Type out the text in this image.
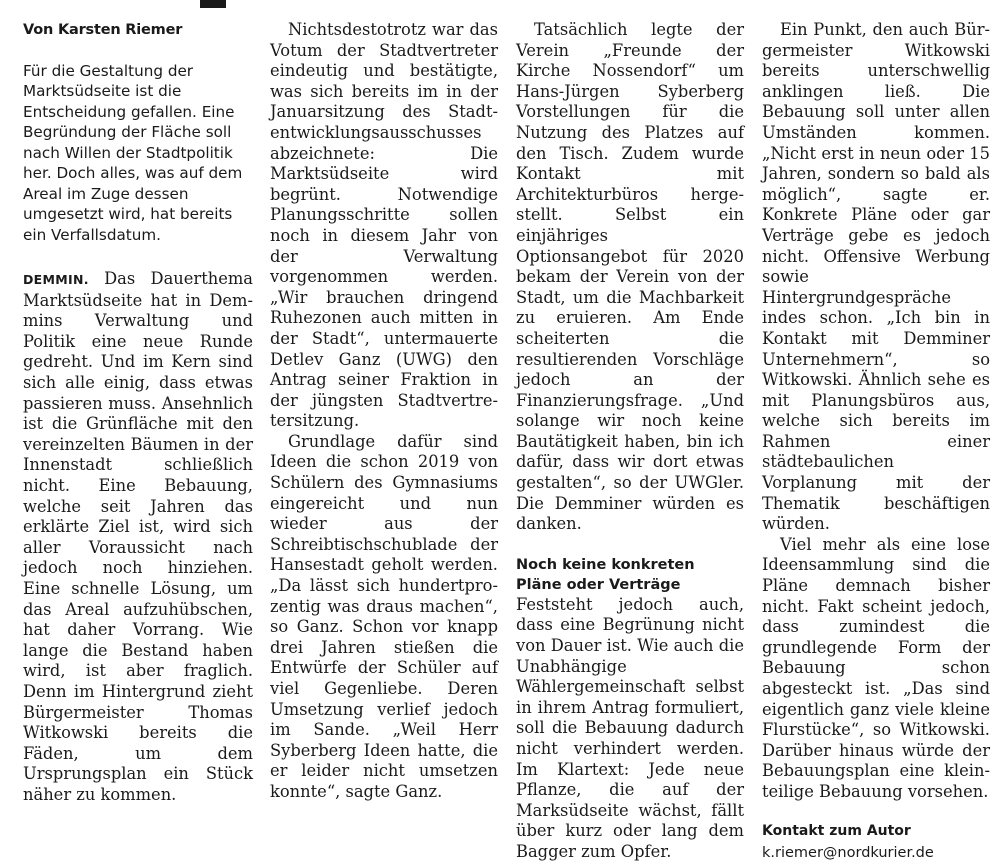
Von Karsten Riemer

Für die Gestaltung der Marktsüdseite ist die Entscheidung gefallen. Eine Begründung der Fläche soll nach Willen der Stadtpolitik her. Doch alles, was auf dem Areal im Zuge dessen umgesetzt wird, hat bereits ein Verfallsdatum.

DEMMIN. Das Dauerthema Marktsüdseite hat in Demmins Verwaltung und Politik eine neue Runde gedreht. Und im Kern sind sich alle einig, dass etwas passieren muss. Ansehnlich ist die Grünfläche mit den vereinzelten Bäumen in der Innenstadt schließlich nicht. Eine Bebauung, welche seit Jahren das erklärte Ziel ist, wird sich aller Voraussicht nach jedoch noch hinziehen. Eine schnelle Lösung, um das Areal aufzuhübschen, hat daher Vorrang. Wie lange die Bestand haben wird, ist aber fraglich. Denn im Hintergrund zieht Bürgermeister Thomas Witkowski bereits die Fäden, um dem Ursprungsplan ein Stück näher zu kommen.

Nichtsdestotrotz war das Votum der Stadtvertreter eindeutig und bestätigte, was sich bereits im in der Januarsitzung des Stadtentwicklungsausschusses abzeichnete: Die Marktsüdseite wird begrünt. Notwendige Planungsschritte sollen noch in diesem Jahr von der Verwaltung vorgenommen werden. „Wir brauchen dringend Ruhezonen auch mitten in der Stadt“, untermauerte Detlev Ganz (UWG) den Antrag seiner Fraktion in der jüngsten Stadtvertretersitzung.

Grundlage dafür sind Ideen die schon 2019 von Schülern des Gymnasiums eingereicht und nun wieder aus der Schreibtischschublade der Hansestadt geholt werden. „Da lässt sich hundertprozentig was draus machen“, so Ganz. Schon vor knapp drei Jahren stießen die Entwürfe der Schüler auf viel Gegenliebe. Deren Umsetzung verlief jedoch im Sande. „Weil Herr Syberberg Ideen hatte, die er leider nicht umsetzen konnte“, sagte Ganz.

Tatsächlich legte der Verein „Freunde der Kirche Nossendorf“ um Hans-Jürgen Syberberg Vorstellungen für die Nutzung des Platzes auf den Tisch. Zudem wurde Kontakt mit Architekturbüros hergestellt. Selbst ein einjähriges Optionsangebot für 2020 bekam der Verein von der Stadt, um die Machbarkeit zu eruieren. Am Ende scheiterten die resultierenden Vorschläge jedoch an der Finanzierungsfrage. „Und solange wir noch keine Bautätigkeit haben, bin ich dafür, dass wir dort etwas gestalten“, so der UWGler. Die Demminer würden es danken.

Noch keine konkreten Pläne oder Verträge

Feststeht jedoch auch, dass eine Begrünung nicht von Dauer ist. Wie auch die Unabhängige Wählergemeinschaft selbst in ihrem Antrag formuliert, soll die Bebauung dadurch nicht verhindert werden. Im Klartext: Jede neue Pflanze, die auf der Marksüdseite wächst, fällt über kurz oder lang dem Bagger zum Opfer.

Ein Punkt, den auch Bürgermeister Witkowski bereits unterschwellig anklingen ließ. Die Bebauung soll unter allen Umständen kommen. „Nicht erst in neun oder 15 Jahren, sondern so bald als möglich“, sagte er. Konkrete Pläne oder gar Verträge gebe es jedoch nicht. Offensive Werbung sowie Hintergrundgespräche indes schon. „Ich bin in Kontakt mit Demminer Unternehmern“, so Witkowski. Ähnlich sehe es mit Planungsbüros aus, welche sich bereits im Rahmen einer städtebaulichen Vorplanung mit der Thematik beschäftigen würden.

Viel mehr als eine lose Ideensammlung sind die Pläne demnach bisher nicht. Fakt scheint jedoch, dass zumindest die grundlegende Form der Bebauung schon abgesteckt ist. „Das sind eigentlich ganz viele kleine Flurstücke“, so Witkowski. Darüber hinaus würde der Bebauungsplan eine kleinteilige Bebauung vorsehen.

Kontakt zum Autor

k.riemer@nordkurier.de
